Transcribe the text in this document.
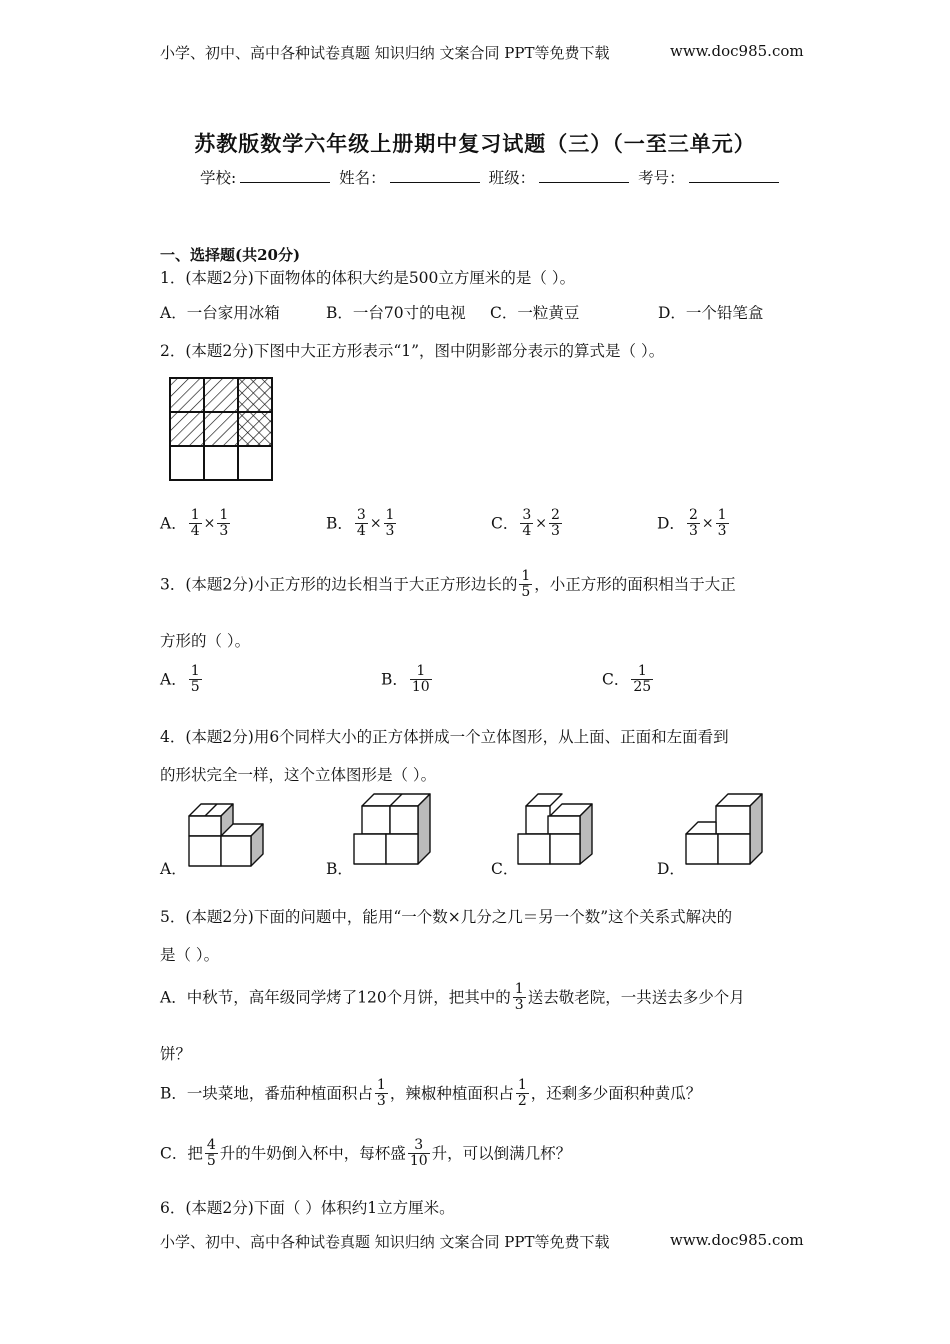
小学、初中、高中各种试卷真题 知识归纳 文案合同 PPT等免费下载	www.doc985.com
苏教版数学六年级上册期中复习试题（三）（一至三单元）
学校:	姓名：	班级：	考号：
一、选择题(共20分)
1．(本题2分)下面物体的体积大约是500立方厘米的是（ ）。
A．一台家用冰箱	B．一台70寸的电视 C．一粒黄豆	D．一个铅笔盒
2．(本题2分)下图中大正方形表示“1”，图中阴影部分表示的算式是（ ）。
A． $\frac{1}{4} \times \frac{1}{3}$	B． $\frac{3}{4} \times \frac{1}{3}$	C． $\frac{3}{4} \times \frac{2}{3}$	D． $\frac{2}{3} \times \frac{1}{3}$
3．(本题2分)小正方形的边长相当于大正方形边长的 $\frac{1}{5}$ ，小正方形的面积相当于大正
方形的（ ）。
A． $\frac{1}{5}$	B． $\frac{1}{10}$	C． $\frac{1}{25}$
4．(本题2分)用6个同样大小的正方体拼成一个立体图形，从上面、正面和左面看到
的形状完全一样，这个立体图形是（ ）。
A．	B．	C．	D．
5．(本题2分)下面的问题中，能用“一个数×几分之几＝另一个数”这个关系式解决的
是（ ）。
A．中秋节，高年级同学烤了120个月饼，把其中的 $\frac{1}{3}$ 送去敬老院，一共送去多少个月
饼？
B．一块菜地，番茄种植面积占 $\frac{1}{3}$ ，辣椒种植面积占 $\frac{1}{2}$ ，还剩多少面积种黄瓜？
C．把 $\frac{4}{5}$ 升的牛奶倒入杯中，每杯盛 $\frac{3}{10}$ 升，可以倒满几杯？
6．(本题2分)下面（ ）体积约1立方厘米。
小学、初中、高中各种试卷真题 知识归纳 文案合同 PPT等免费下载	www.doc985.com
